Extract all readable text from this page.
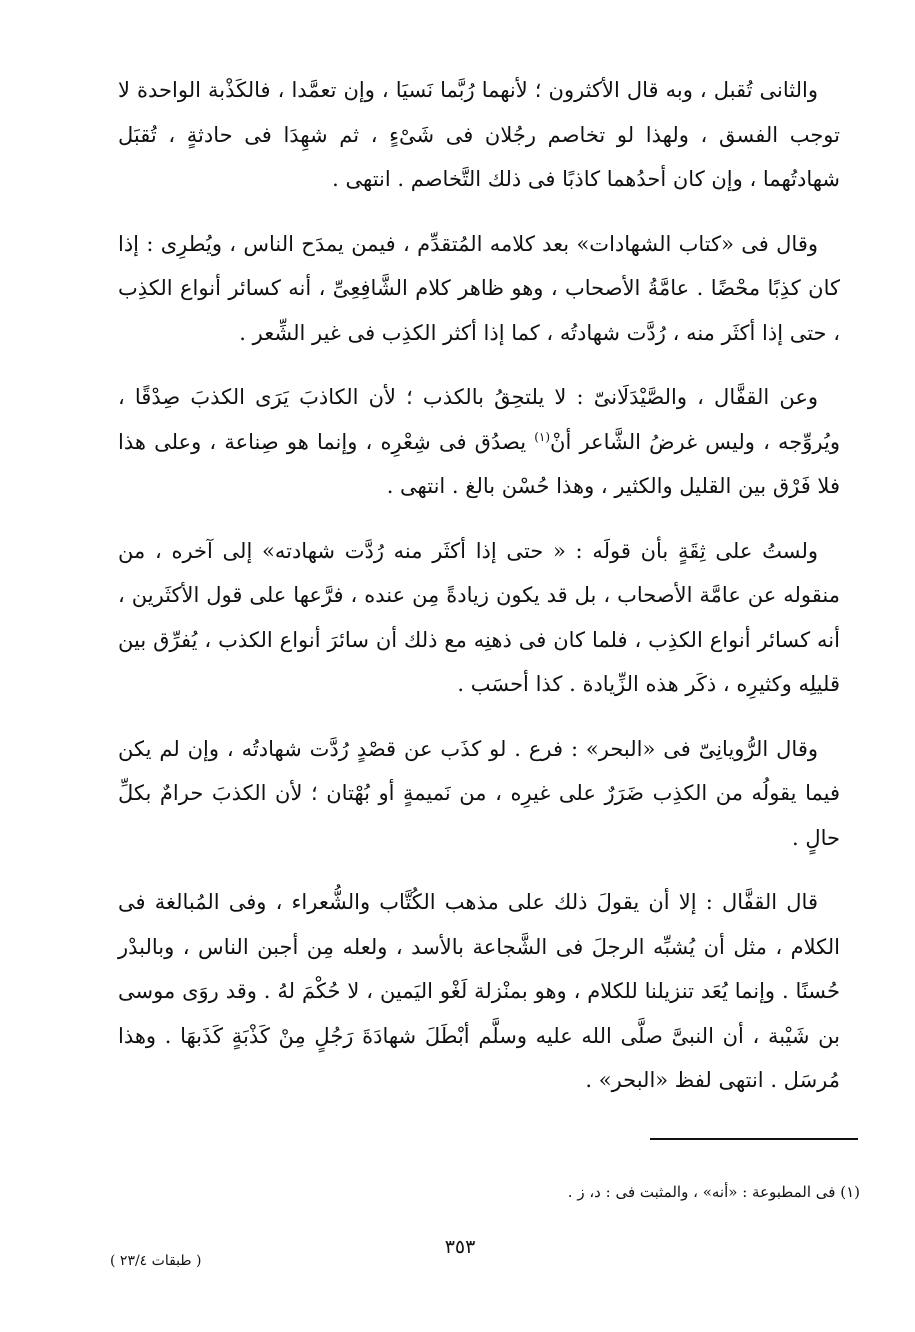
والثانى تُقبل ، وبه قال الأكثرون ؛ لأنهما رُبَّما نَسيَا ، وإن تعمَّدا ، فالكَذْبة الواحدة لا توجب الفسق ، ولهذا لو تخاصم رجُلان فى شَىْءٍ ، ثم شهِدَا فى حادثةٍ ، تُقبَل شهادتُهما ، وإن كان أحدُهما كاذبًا فى ذلك التَّخاصم . انتهى .

وقال فى «كتاب الشهادات» بعد كلامه المُتقدِّم ، فيمن يمدَح الناس ، ويُطرِى : إذا كان كذِبًا محْضًا . عامَّةُ الأصحاب ، وهو ظاهر كلام الشَّافِعِىِّ ، أنه كسائر أنواع الكذِب ، حتى إذا أكثَر منه ، رُدَّت شهادتُه ، كما إذا أكثر الكذِب فى غير الشِّعر .

وعن القفَّال ، والصَّيْدَلَانىّ : لا يلتحِقُ بالكذب ؛ لأن الكاذبَ يَرَى الكذبَ صِدْقًا ، ويُروِّجه ، وليس غرضُ الشَّاعر أنْ$^{(١)}$ يصدُق فى شِعْرِه ، وإنما هو صِناعة ، وعلى هذا فلا فَرْق بين القليل والكثير ، وهذا حُسْن بالغ . انتهى .

ولستُ على ثِقَةٍ بأن قولَه : « حتى إذا أكثَر منه رُدَّت شهادته» إلى آخره ، من منقوله عن عامَّة الأصحاب ، بل قد يكون زيادةً مِن عنده ، فرَّعها على قول الأكثَرين ، أنه كسائر أنواع الكذِب ، فلما كان فى ذهنِه مع ذلك أن سائرَ أنواع الكذب ، يُفرِّق بين قليلِه وكثيرِه ، ذكَر هذه الزِّيادة . كذا أحسَب .

وقال الرُّويانِىّ فى «البحر» : فرع . لو كذَب عن قصْدٍ رُدَّت شهادتُه ، وإن لم يكن فيما يقولُه من الكذِب ضَرَرٌ على غيرِه ، من نَميمةٍ أو بُهْتان ؛ لأن الكذبَ حرامٌ بكلِّ حالٍ .

قال القفَّال : إلا أن يقولَ ذلك على مذهب الكُتَّاب والشُّعراء ، وفى المُبالغة فى الكلام ، مثل أن يُشبِّه الرجلَ فى الشَّجاعة بالأسد ، ولعله مِن أجبن الناس ، وبالبدْر حُسنًا . وإنما يُعَد تنزيلنا للكلام ، وهو بمنْزلة لَغْو اليَمين ، لا حُكْمَ لهُ . وقد روَى موسى بن شَيْبة ، أن النبىَّ صلَّى الله عليه وسلَّم أبْطَلَ شهادَةَ رَجُلٍ مِنْ كَذْبَةٍ كَذَبهَا . وهذا مُرسَل . انتهى لفظ «البحر» .

(١) فى المطبوعة : «أنه» ، والمثبت فى : د، ز .
٣٥٣
( طبقات ٢٣/٤ )
